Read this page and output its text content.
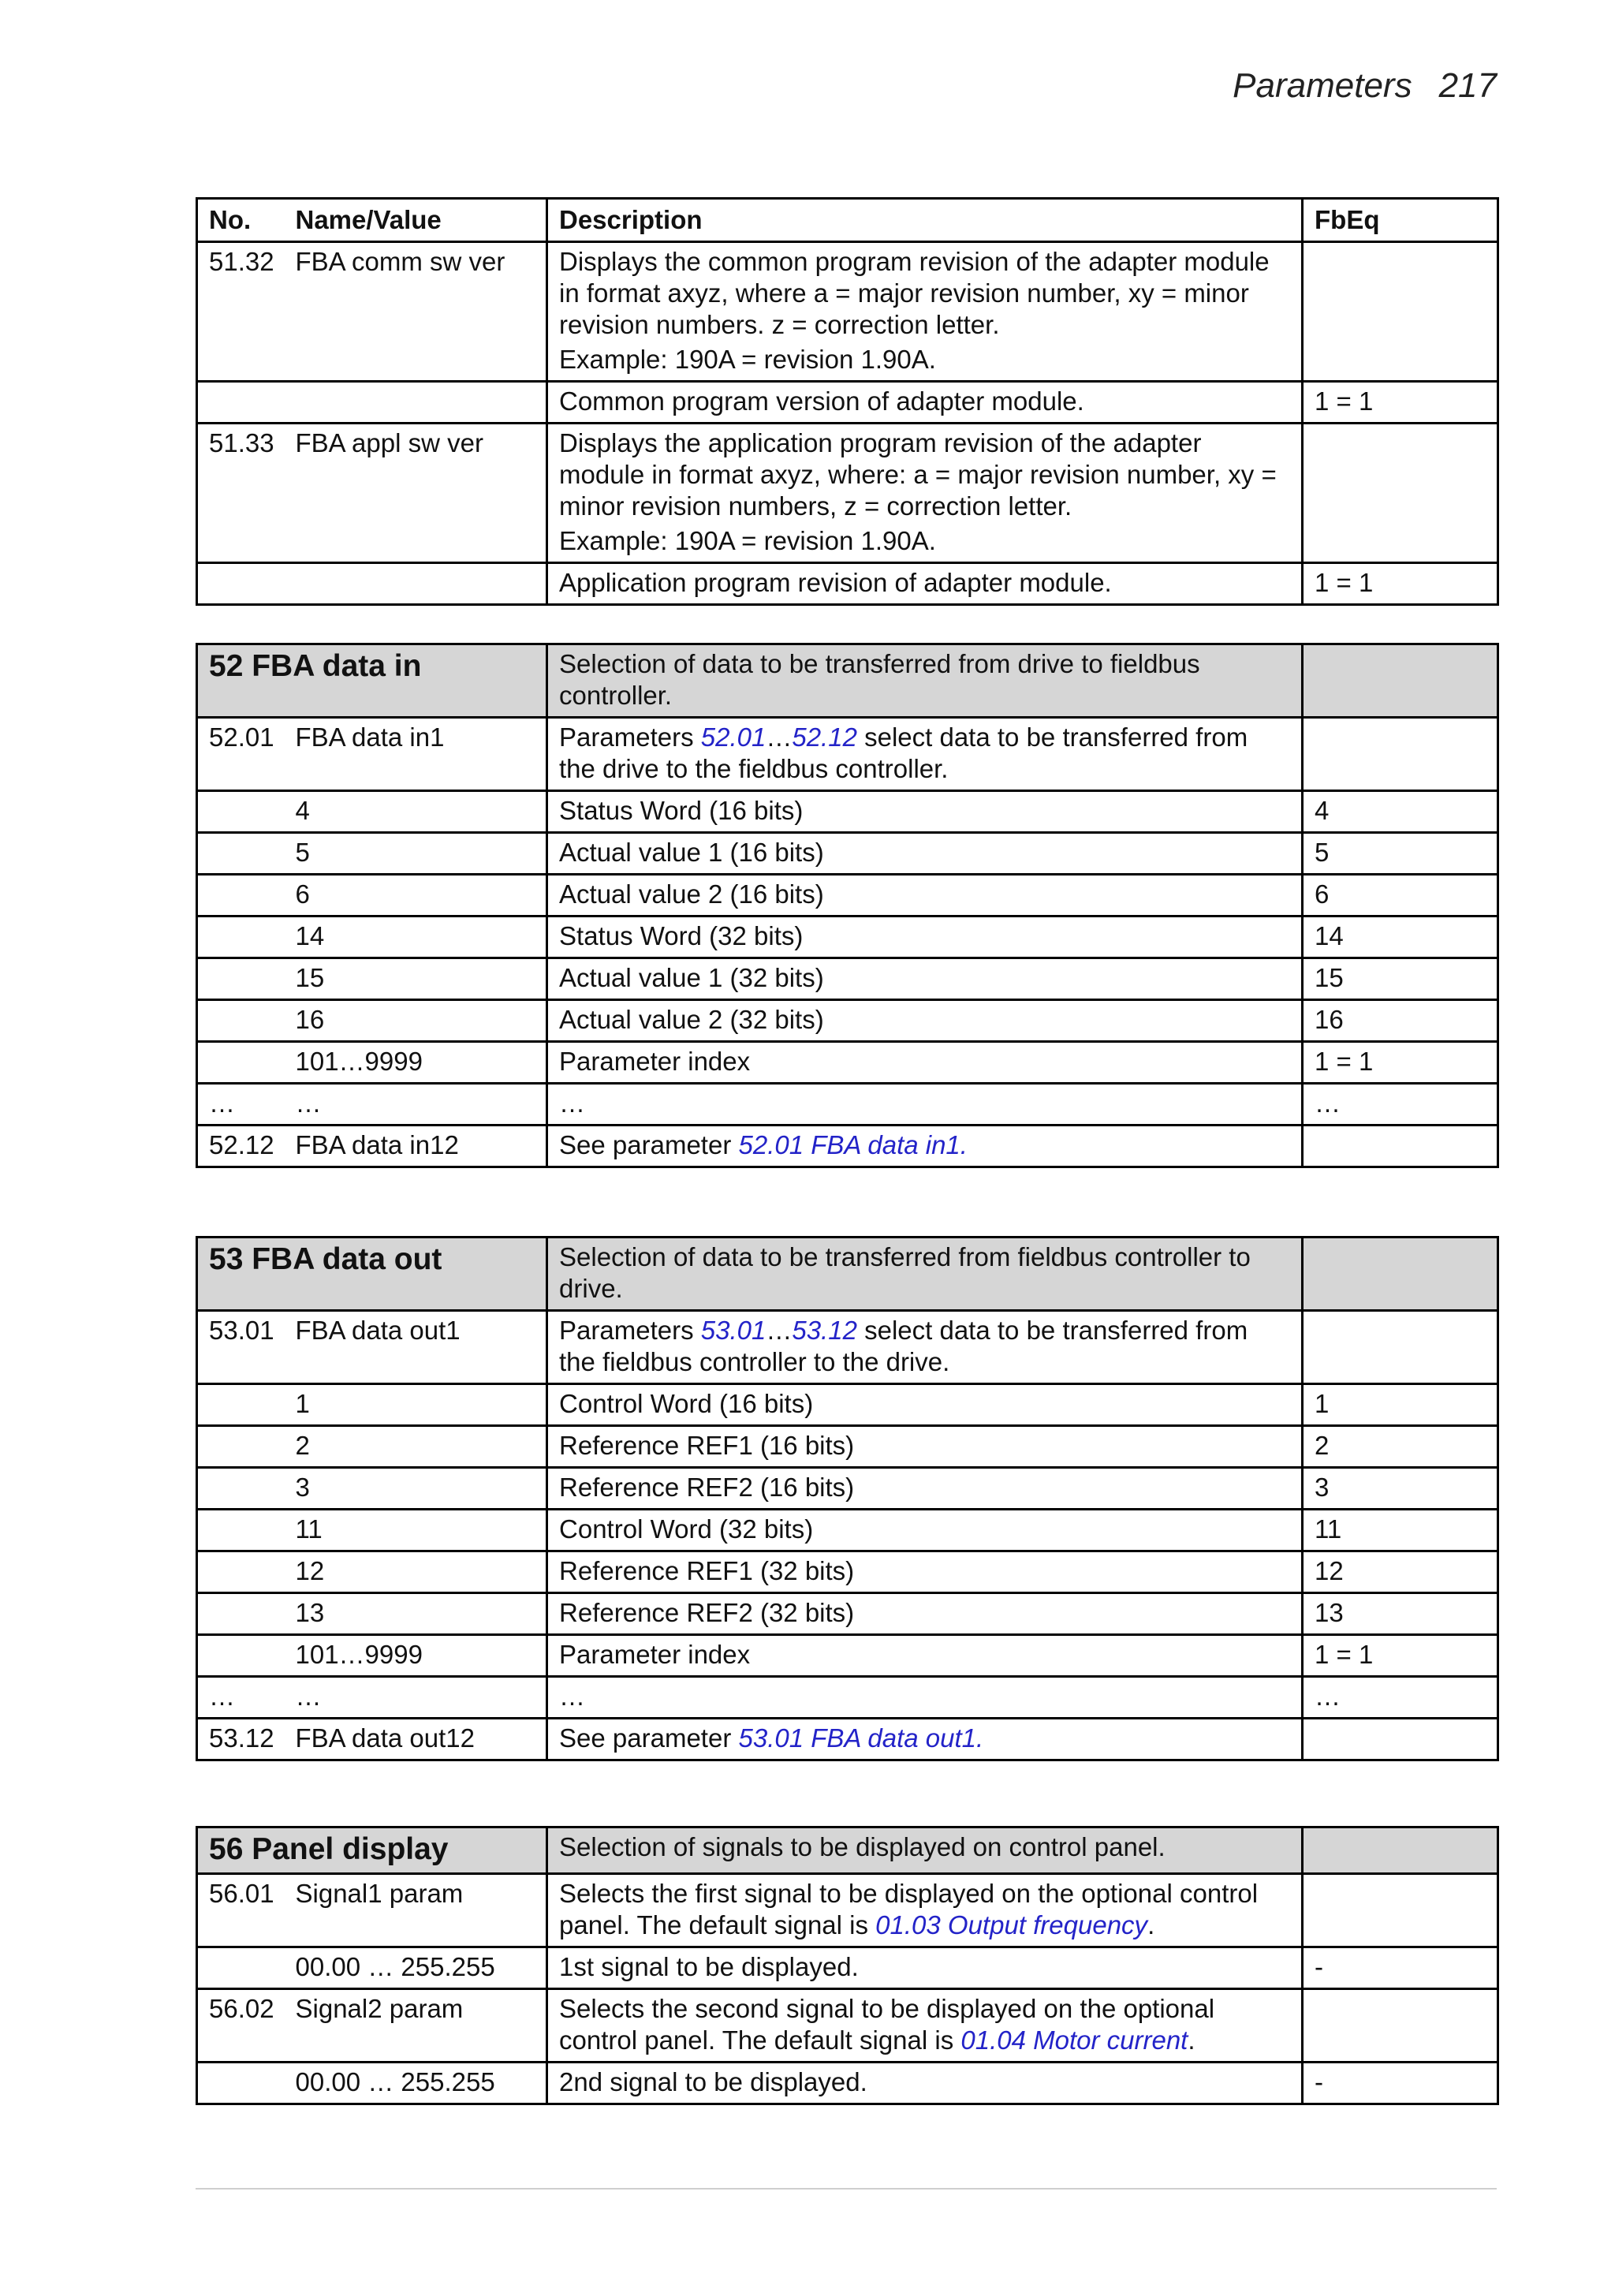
Parameters 217
No.	Name/Value	Description	FbEq
51.32	FBA comm sw ver	Displays the common program revision of the adapter module in format axyz, where a = major revision number, xy = minor revision numbers. z = correction letter.

Example: 190A = revision 1.90A.	

		Common program version of adapter module.	1 = 1
51.33	FBA appl sw ver	Displays the application program revision of the adapter module in format axyz, where: a = major revision number, xy = minor revision numbers, z = correction letter.

Example: 190A = revision 1.90A.	

		Application program revision of adapter module.	1 = 1
52 FBA data in		Selection of data to be transferred from drive to fieldbus controller.	
52.01	FBA data in1	Parameters 52.01…52.12 select data to be transferred from the drive to the fieldbus controller.	
	4	Status Word (16 bits)	4
	5	Actual value 1 (16 bits)	5
	6	Actual value 2 (16 bits)	6
	14	Status Word (32 bits)	14
	15	Actual value 1 (32 bits)	15
	16	Actual value 2 (32 bits)	16
	101…9999	Parameter index	1 = 1
…	…	…	…
52.12	FBA data in12	See parameter 52.01 FBA data in1.	
53 FBA data out		Selection of data to be transferred from fieldbus controller to drive.	
53.01	FBA data out1	Parameters 53.01…53.12 select data to be transferred from the fieldbus controller to the drive.	
	1	Control Word (16 bits)	1
	2	Reference REF1 (16 bits)	2
	3	Reference REF2 (16 bits)	3
	11	Control Word (32 bits)	11
	12	Reference REF1 (32 bits)	12
	13	Reference REF2 (32 bits)	13
	101…9999	Parameter index	1 = 1
…	…	…	…
53.12	FBA data out12	See parameter 53.01 FBA data out1.	
56 Panel display		Selection of signals to be displayed on control panel.	
56.01	Signal1 param	Selects the first signal to be displayed on the optional control panel. The default signal is 01.03 Output frequency.	
	00.00 … 255.255	1st signal to be displayed.	-
56.02	Signal2 param	Selects the second signal to be displayed on the optional control panel. The default signal is 01.04 Motor current.	
	00.00 … 255.255	2nd signal to be displayed.	-
